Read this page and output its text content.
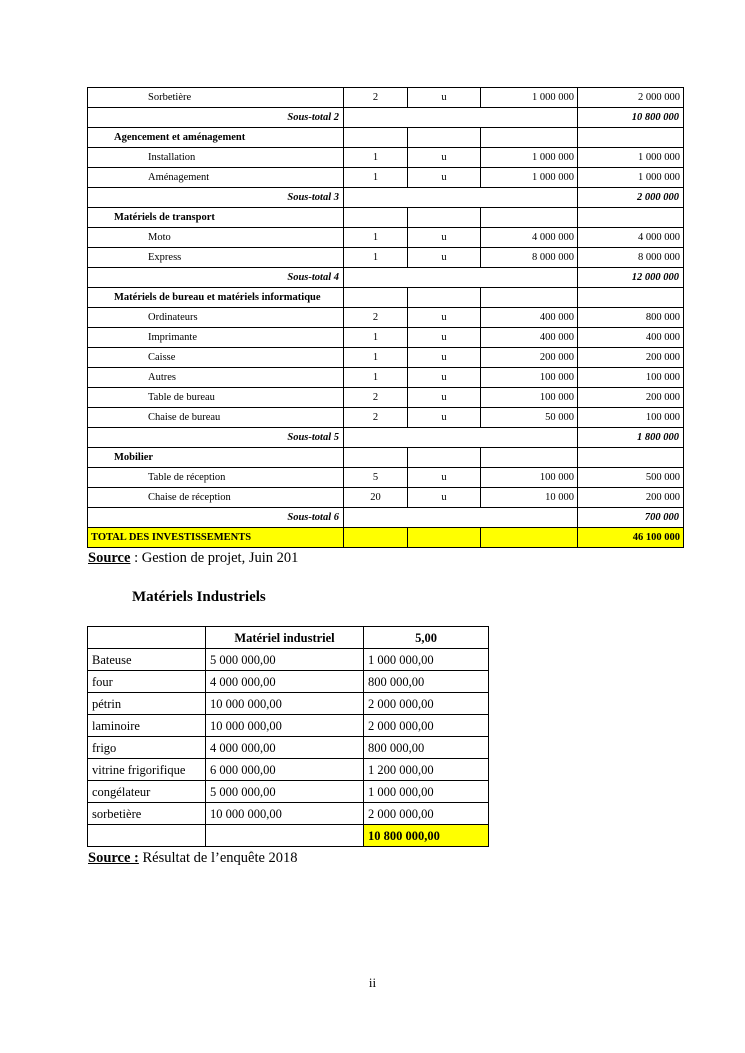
Sorbetière	2	u	1 000 000	2 000 000
Sous-total 2				10 800 000
Agencement et aménagement				
Installation	1	u	1 000 000	1 000 000
Aménagement	1	u	1 000 000	1 000 000
Sous-total 3				2 000 000
Matériels de transport				
Moto	1	u	4 000 000	4 000 000
Express	1	u	8 000 000	8 000 000
Sous-total 4				12 000 000
Matériels de bureau et matériels informatique				
Ordinateurs	2	u	400 000	800 000
Imprimante	1	u	400 000	400 000
Caisse	1	u	200 000	200 000
Autres	1	u	100 000	100 000
Table de bureau	2	u	100 000	200 000
Chaise de bureau	2	u	50 000	100 000
Sous-total 5				1 800 000
Mobilier				
Table de réception	5	u	100 000	500 000
Chaise de réception	20	u	10 000	200 000
Sous-total 6				700 000
TOTAL DES INVESTISSEMENTS				46 100 000
Source : Gestion de projet, Juin 201
Matériels Industriels
	Matériel industriel	5,00
Bateuse	5 000 000,00	1 000 000,00
four	4 000 000,00	800 000,00
pétrin	10 000 000,00	2 000 000,00
laminoire	10 000 000,00	2 000 000,00
frigo	4 000 000,00	800 000,00
vitrine frigorifique	6 000 000,00	1 200 000,00
congélateur	5 000 000,00	1 000 000,00
sorbetière	10 000 000,00	2 000 000,00
		10 800 000,00
Source : Résultat de l’enquête 2018
ii
